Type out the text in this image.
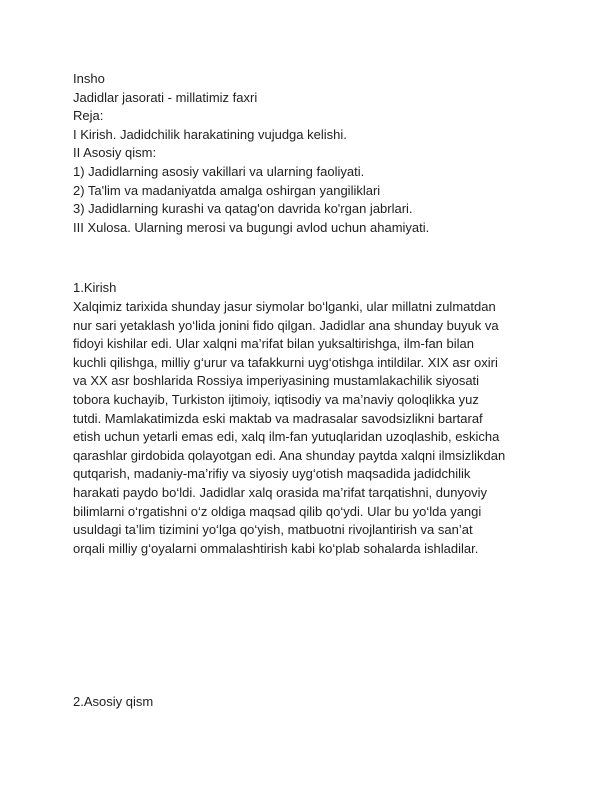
Insho
Jadidlar jasorati - millatimiz faxri
Reja:
I Kirish. Jadidchilik harakatining vujudga kelishi.
II Asosiy qism:
1) Jadidlarning asosiy vakillari va ularning faoliyati.
2) Ta'lim va madaniyatda amalga oshirgan yangiliklari
3) Jadidlarning kurashi va qatag'on davrida ko'rgan jabrlari.
III Xulosa. Ularning merosi va bugungi avlod uchun ahamiyati.
1.Kirish
Xalqimiz tarixida shunday jasur siymolar bo‘lganki, ular millatni zulmatdan
nur sari yetaklash yo‘lida jonini fido qilgan. Jadidlar ana shunday buyuk va
fidoyi kishilar edi. Ular xalqni ma’rifat bilan yuksaltirishga, ilm-fan bilan
kuchli qilishga, milliy g‘urur va tafakkurni uyg‘otishga intildilar. XIX asr oxiri
va XX asr boshlarida Rossiya imperiyasining mustamlakachilik siyosati
tobora kuchayib, Turkiston ijtimoiy, iqtisodiy va ma’naviy qoloqlikka yuz
tutdi. Mamlakatimizda eski maktab va madrasalar savodsizlikni bartaraf
etish uchun yetarli emas edi, xalq ilm-fan yutuqlaridan uzoqlashib, eskicha
qarashlar girdobida qolayotgan edi. Ana shunday paytda xalqni ilmsizlikdan
qutqarish, madaniy-ma’rifiy va siyosiy uyg‘otish maqsadida jadidchilik
harakati paydo bo‘ldi. Jadidlar xalq orasida ma’rifat tarqatishni, dunyoviy
bilimlarni o‘rgatishni o‘z oldiga maqsad qilib qo‘ydi. Ular bu yo‘lda yangi
usuldagi ta’lim tizimini yo‘lga qo‘yish, matbuotni rivojlantirish va san’at
orqali milliy g‘oyalarni ommalashtirish kabi ko‘plab sohalarda ishladilar.
2.Asosiy qism
